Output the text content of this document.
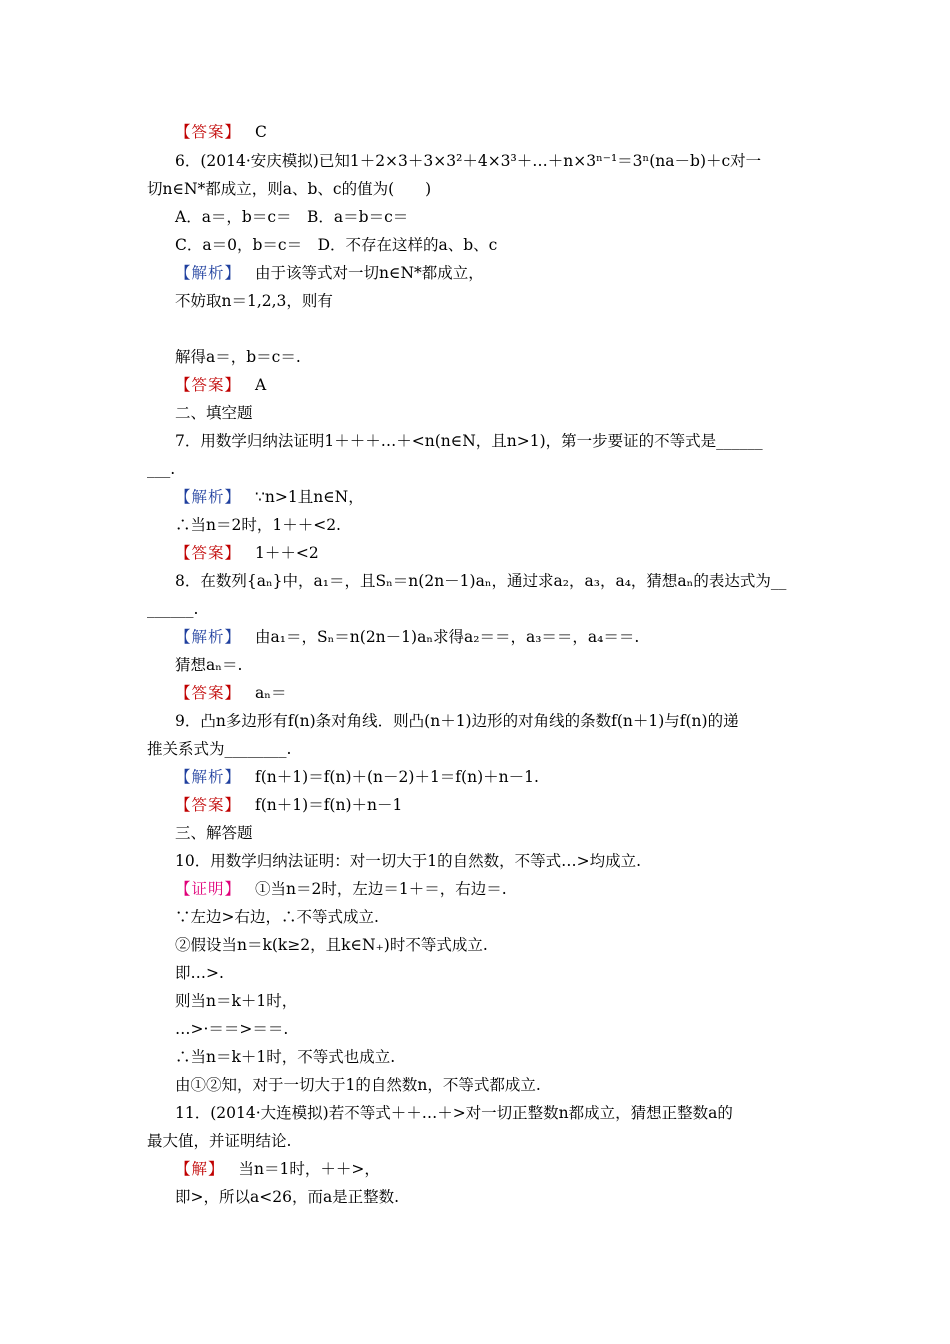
【答案】 C
6．(2014·安庆模拟)已知1＋2×3＋3×3²＋4×3³＋…＋n×3ⁿ⁻¹＝3ⁿ(na－b)＋c对一
切n∈N*都成立，则a、b、c的值为(　　)
A．a＝，b＝c＝　B．a＝b＝c＝
C．a＝0，b＝c＝　D．不存在这样的a、b、c
【解析】 由于该等式对一切n∈N*都成立，
不妨取n＝1,2,3，则有
解得a＝，b＝c＝.
【答案】 A
二、填空题
7．用数学归纳法证明1＋＋＋…＋<n(n∈N，且n>1)，第一步要证的不等式是______
___.
【解析】 ∵n>1且n∈N，
∴当n＝2时，1＋＋<2.
【答案】 1＋＋<2
8．在数列{aₙ}中，a₁＝，且Sₙ＝n(2n－1)aₙ，通过求a₂，a₃，a₄，猜想aₙ的表达式为__
______.
【解析】 由a₁＝，Sₙ＝n(2n－1)aₙ求得a₂＝＝，a₃＝＝，a₄＝＝.
猜想aₙ＝.
【答案】 aₙ＝
9．凸n多边形有f(n)条对角线．则凸(n＋1)边形的对角线的条数f(n＋1)与f(n)的递
推关系式为________.
【解析】 f(n＋1)＝f(n)＋(n－2)＋1＝f(n)＋n－1.
【答案】 f(n＋1)＝f(n)＋n－1
三、解答题
10．用数学归纳法证明：对一切大于1的自然数，不等式…>均成立.
【证明】 ①当n＝2时，左边＝1＋＝，右边＝.
∵左边>右边，∴不等式成立.
②假设当n＝k(k≥2，且k∈N₊)时不等式成立.
即…>.
则当n＝k＋1时，
…>·＝＝>＝＝.
∴当n＝k＋1时，不等式也成立.
由①②知，对于一切大于1的自然数n，不等式都成立.
11．(2014·大连模拟)若不等式＋＋…＋>对一切正整数n都成立，猜想正整数a的
最大值，并证明结论.
【解】 当n＝1时，＋＋>，
即>，所以a<26，而a是正整数.
